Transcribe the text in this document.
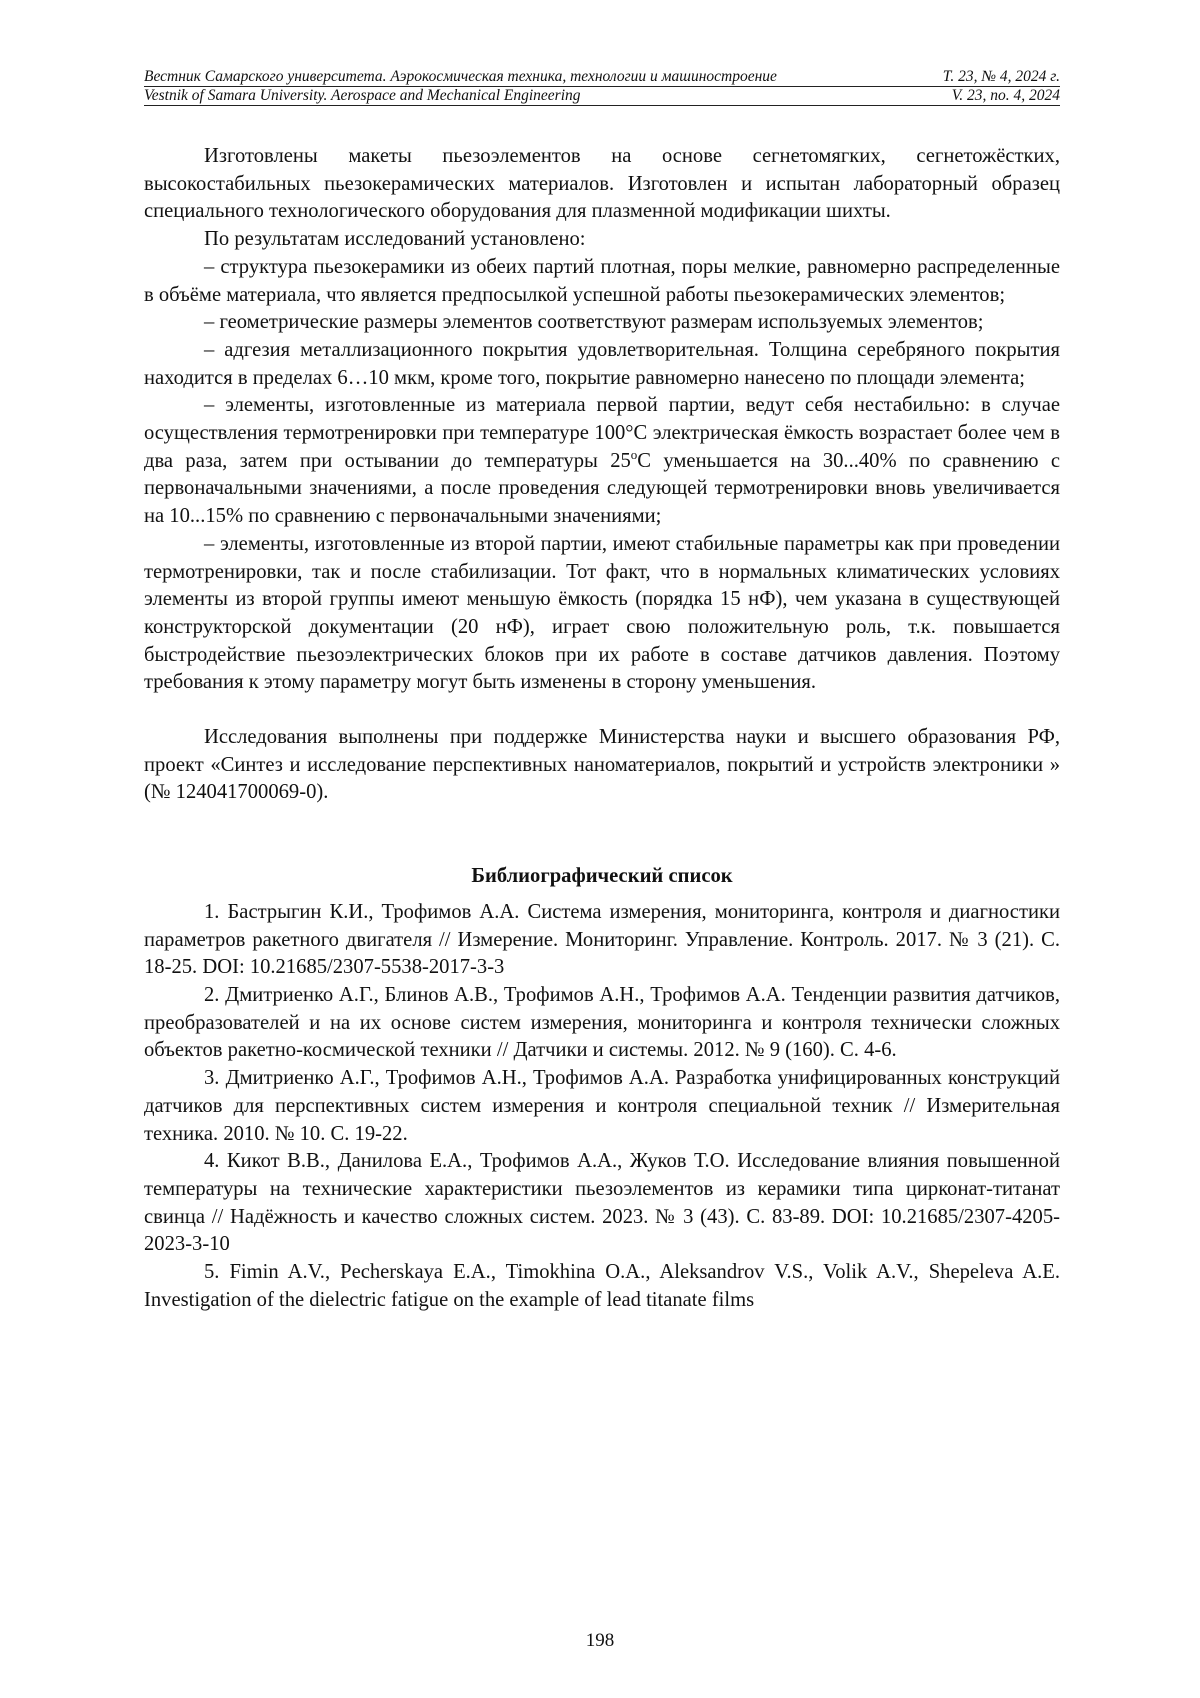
Вестник Самарского университета. Аэрокосмическая техника, технологии и машиностроение	Т. 23, № 4, 2024 г.
Vestnik of Samara University. Aerospace and Mechanical Engineering	V. 23, no. 4, 2024

Изготовлены макеты пьезоэлементов на основе сегнетомягких, сегнетожёстких, высокостабильных пьезокерамических материалов. Изготовлен и испытан лабораторный образец специального технологического оборудования для плазменной модификации шихты.

По результатам исследований установлено:

– структура пьезокерамики из обеих партий плотная, поры мелкие, равномерно распределенные в объёме материала, что является предпосылкой успешной работы пьезокерамических элементов;

– геометрические размеры элементов соответствуют размерам используемых элементов;

– адгезия металлизационного покрытия удовлетворительная. Толщина серебряного покрытия находится в пределах 6…10 мкм, кроме того, покрытие равномерно нанесено по площади элемента;

– элементы, изготовленные из материала первой партии, ведут себя нестабильно: в случае осуществления термотренировки при температуре 100°С электрическая ёмкость возрастает более чем в два раза, затем при остывании до температуры $25^оС$ уменьшается на 30...40% по сравнению с первоначальными значениями, а после проведения следующей термотренировки вновь увеличивается на 10...15% по сравнению с первоначальными значениями;

– элементы, изготовленные из второй партии, имеют стабильные параметры как при проведении термотренировки, так и после стабилизации. Тот факт, что в нормальных климатических условиях элементы из второй группы имеют меньшую ёмкость (порядка 15 нФ), чем указана в существующей конструкторской документации (20 нФ), играет свою положительную роль, т.к. повышается быстродействие пьезоэлектрических блоков при их работе в составе датчиков давления. Поэтому требования к этому параметру могут быть изменены в сторону уменьшения.

Исследования выполнены при поддержке Министерства науки и высшего образования РФ, проект «Синтез и исследование перспективных наноматериалов, покрытий и устройств электроники » (№ 124041700069-0).

Библиографический список

1. Бастрыгин К.И., Трофимов А.А. Система измерения, мониторинга, контроля и диагностики параметров ракетного двигателя // Измерение. Мониторинг. Управление. Контроль. 2017. № 3 (21). С. 18-25. DOI: 10.21685/2307-5538-2017-3-3

2. Дмитриенко А.Г., Блинов А.В., Трофимов А.Н., Трофимов А.А. Тенденции развития датчиков, преобразователей и на их основе систем измерения, мониторинга и контроля технически сложных объектов ракетно-космической техники // Датчики и системы. 2012. № 9 (160). С. 4-6.

3. Дмитриенко А.Г., Трофимов А.Н., Трофимов А.А. Разработка унифицированных конструкций датчиков для перспективных систем измерения и контроля специальной техник // Измерительная техника. 2010. № 10. С. 19-22.

4. Кикот В.В., Данилова Е.А., Трофимов А.А., Жуков Т.О. Исследование влияния повышенной температуры на технические характеристики пьезоэлементов из керамики типа цирконат-титанат свинца // Надёжность и качество сложных систем. 2023. № 3 (43). С. 83-89. DOI: 10.21685/2307-4205-2023-3-10

5. Fimin A.V., Pecherskaya E.A., Timokhina O.A., Aleksandrov V.S., Volik A.V., Shepeleva A.E. Investigation of the dielectric fatigue on the example of lead titanate films

198
